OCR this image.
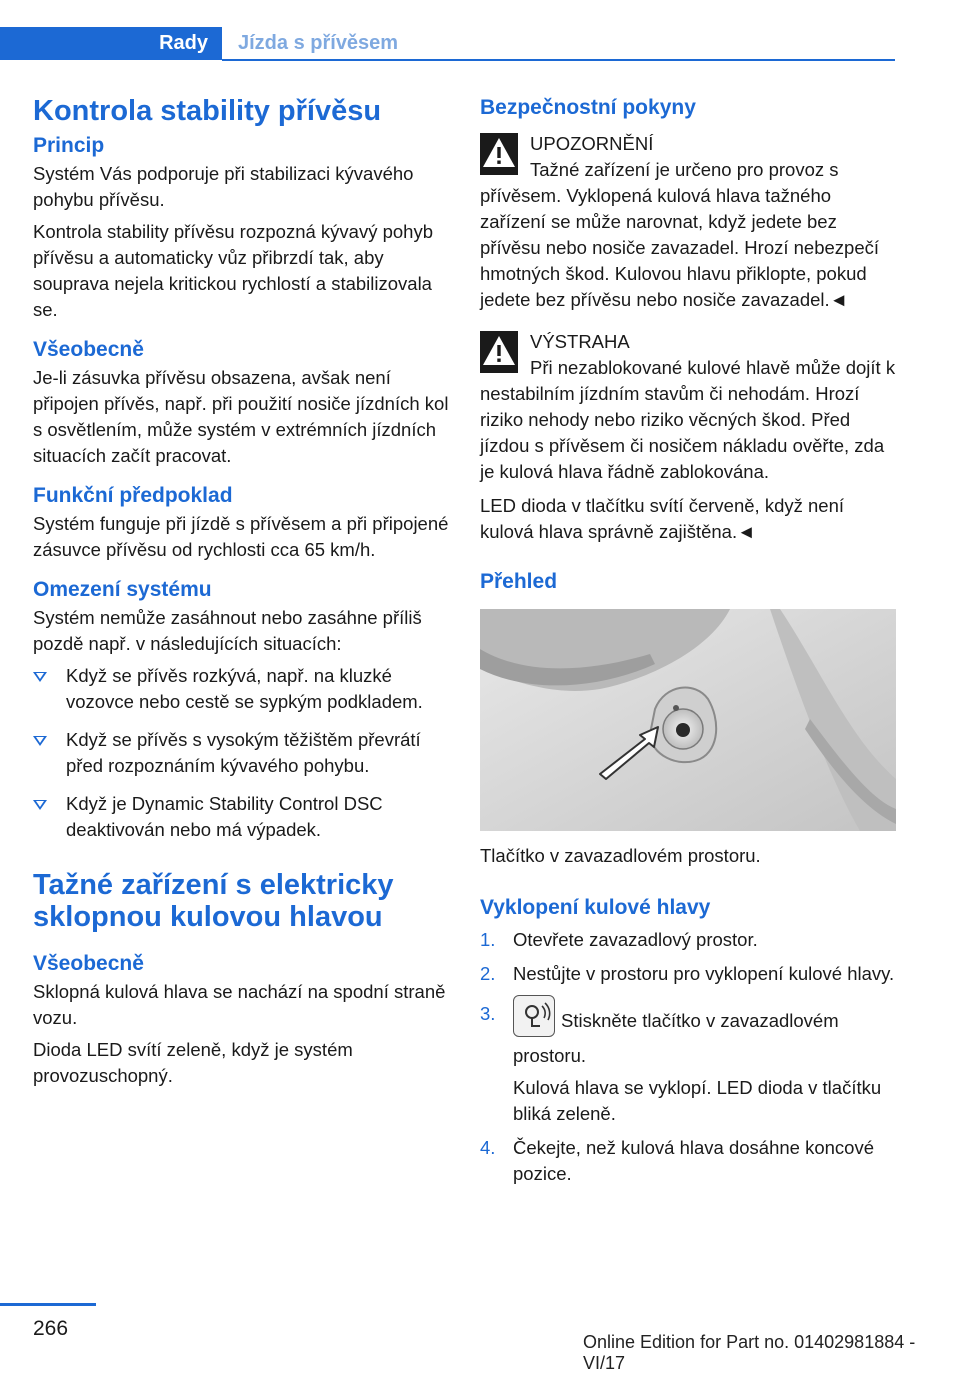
Rady	Jízda s přívěsem
Kontrola stability přívěsu
Princip

Systém Vás podporuje při stabilizaci kývavého pohybu přívěsu.

Kontrola stability přívěsu rozpozná kývavý pohyb přívěsu a automaticky vůz přibrzdí tak, aby souprava nejela kritickou rychlostí a stabilizovala se.

Všeobecně

Je-li zásuvka přívěsu obsazena, avšak není připojen přívěs, např. při použití nosiče jízdních kol s osvětlením, může systém v extrémních jízdních situacích začít pracovat.

Funkční předpoklad

Systém funguje při jízdě s přívěsem a při připojené zásuvce přívěsu od rychlosti cca 65 km/h.

Omezení systému

Systém nemůže zasáhnout nebo zasáhne příliš pozdě např. v následujících situacích:

Když se přívěs rozkývá, např. na kluzké vozovce nebo cestě se sypkým podkladem.
Když se přívěs s vysokým těžištěm převrátí před rozpoznáním kývavého pohybu.
Když je Dynamic Stability Control DSC deaktivován nebo má výpadek.
Tažné zařízení s elektricky sklopnou kulovou hlavou
Všeobecně

Sklopná kulová hlava se nachází na spodní straně vozu.

Dioda LED svítí zeleně, když je systém provozuschopný.

Bezpečnostní pokyny

UPOZORNĚNÍ

Tažné zařízení je určeno pro provoz s přívěsem. Vyklopená kulová hlava tažného zařízení se může narovnat, když jedete bez přívěsu nebo nosiče zavazadel. Hrozí nebezpečí hmotných škod. Kulovou hlavu přiklopte, pokud jedete bez přívěsu nebo nosiče zavazadel.◄

VÝSTRAHA

Při nezablokované kulové hlavě může dojít k nestabilním jízdním stavům či nehodám. Hrozí riziko nehody nebo riziko věcných škod. Před jízdou s přívěsem či nosičem nákladu ověřte, zda je kulová hlava řádně zablokována.

LED dioda v tlačítku svítí červeně, když není kulová hlava správně zajištěna.◄

Přehled

Tlačítko v zavazadlovém prostoru.

Vyklopení kulové hlavy
1. Otevřete zavazadlový prostor.
2. Nestůjte v prostoru pro vyklopení kulové hlavy.
3.	Stiskněte tlačítko v zavazadlovém prostoru.
Kulová hlava se vyklopí. LED dioda v tlačítku bliká zeleně.
4. Čekejte, než kulová hlava dosáhne koncové pozice.
266
Online Edition for Part no. 01402981884 - VI/17
